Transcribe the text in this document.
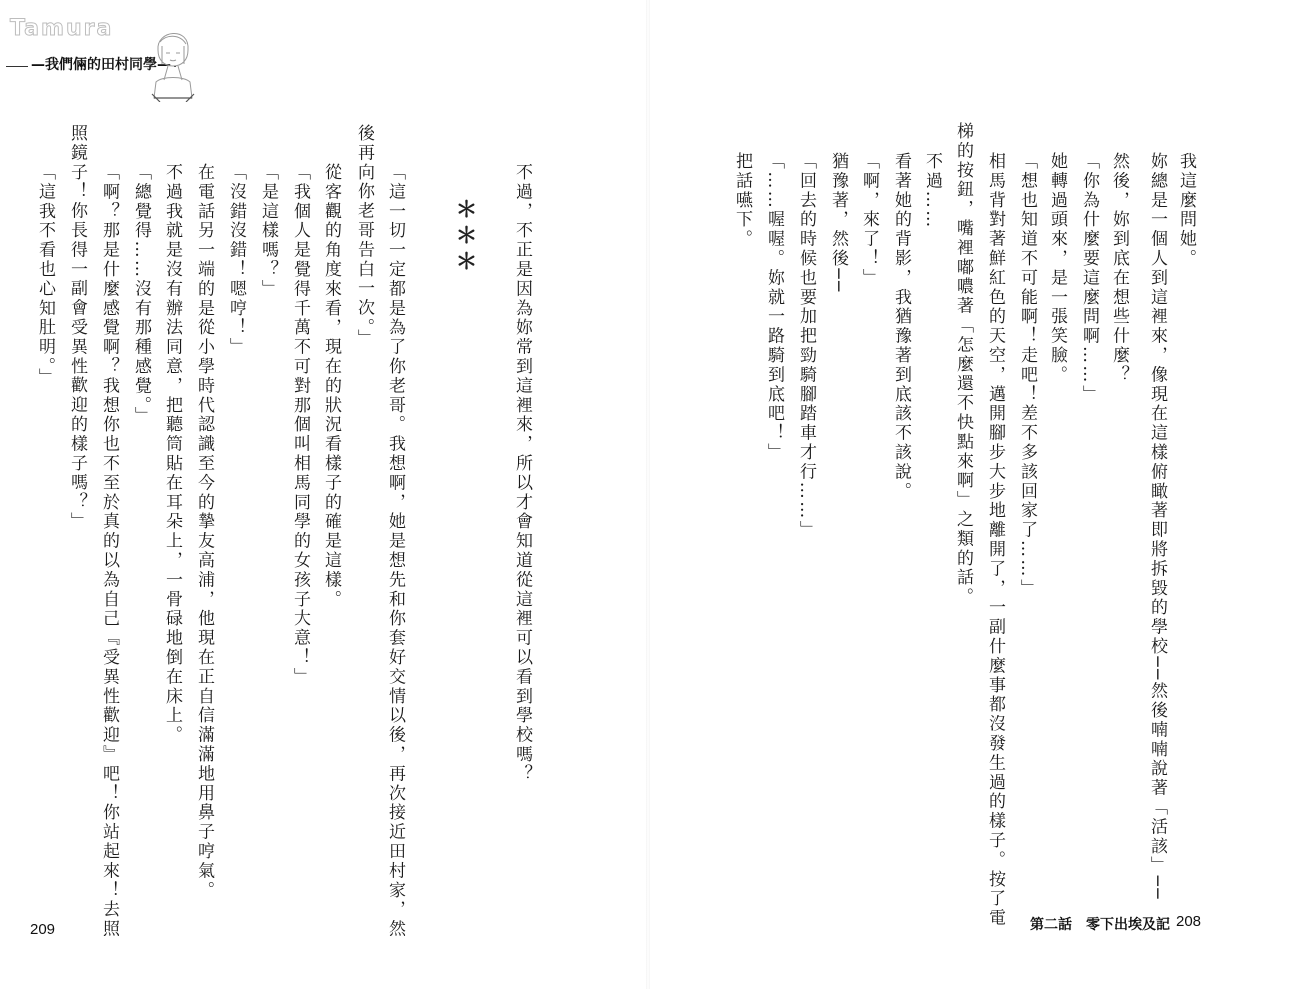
Tamura
—我們倆的田村同學—
我這麼問她。
妳總是一個人到這裡來，像現在這樣俯瞰著即將拆毀的學校──然後喃喃說著「活該」──
然後，妳到底在想些什麼？
「你為什麼要這麼問啊……」
她轉過頭來，是一張笑臉。
「想也知道不可能啊！走吧！差不多該回家了……」
相馬背對著鮮紅色的天空，邁開腳步大步地離開了，一副什麼事都沒發生過的樣子。按了電
梯的按鈕，嘴裡嘟噥著「怎麼還不快點來啊」之類的話。
不過……
看著她的背影，我猶豫著到底該不該說。
「啊，來了！」
猶豫著，然後──
「回去的時候也要加把勁騎腳踏車才行……」
「……喔喔。妳就一路騎到底吧！」
把話嚥下。
不過，不正是因為妳常到這裡來，所以才會知道從這裡可以看到學校嗎？
＊＊＊
「這一切一定都是為了你老哥。我想啊，她是想先和你套好交情以後，再次接近田村家，然
後再向你老哥告白一次。」
從客觀的角度來看，現在的狀況看樣子的確是這樣。
「我個人是覺得千萬不可對那個叫相馬同學的女孩子大意！」
「是這樣嗎？」
「沒錯沒錯！嗯哼！」
在電話另一端的是從小學時代認識至今的摯友高浦，他現在正自信滿滿地用鼻子哼氣。
不過我就是沒有辦法同意，把聽筒貼在耳朵上，一骨碌地倒在床上。
「總覺得……沒有那種感覺。」
「啊？那是什麼感覺啊？我想你也不至於真的以為自己『受異性歡迎』吧！你站起來！去照
照鏡子！你長得一副會受異性歡迎的樣子嗎？」
「這我不看也心知肚明。」
209	第二話　零下出埃及記 208
